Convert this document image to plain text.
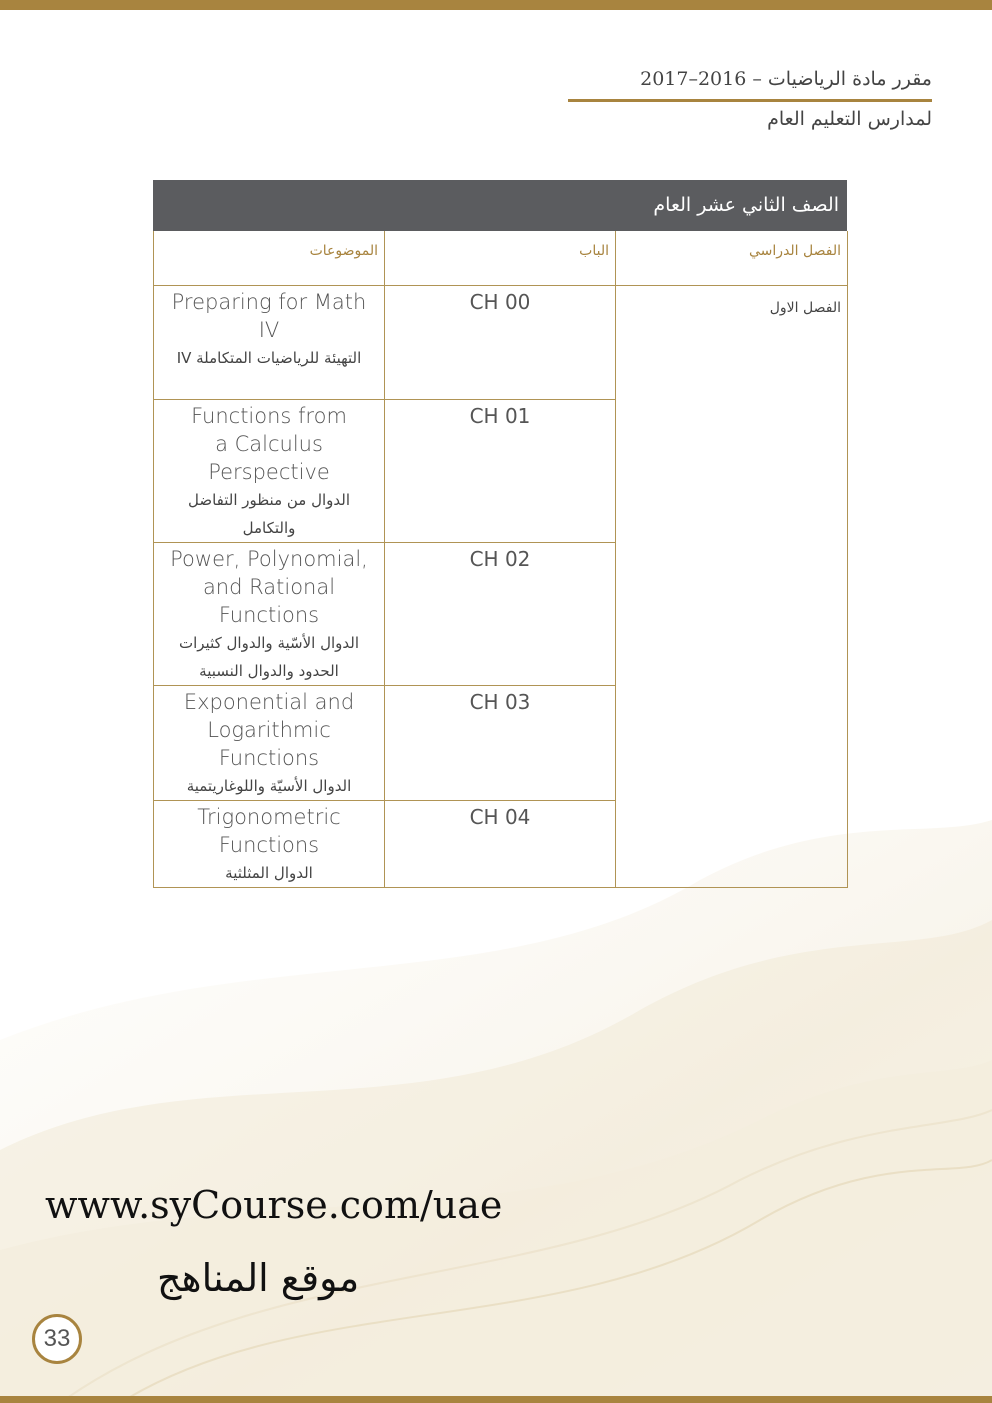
مقرر مادة الرياضيات – 2016–2017
لمدارس التعليم العام
الصف الثاني عشر العام
الموضوعات	الباب	الفصل الدراسي

Preparing for Math IV
التهيئة للرياضيات المتكاملة IV	CH 00	الفصل الاول

Functions from a Calculus Perspective
الدوال من منظور التفاضل والتكامل	CH 01	

Power, Polynomial, and Rational Functions
الدوال الأسّية والدوال كثيرات الحدود والدوال النسبية	CH 02	

Exponential and Logarithmic Functions
الدوال الأسيّة واللوغاريتمية	CH 03	

Trigonometric Functions
الدوال المثلثية	CH 04	
www.syCourse.com/uae
موقع المناهج
33
